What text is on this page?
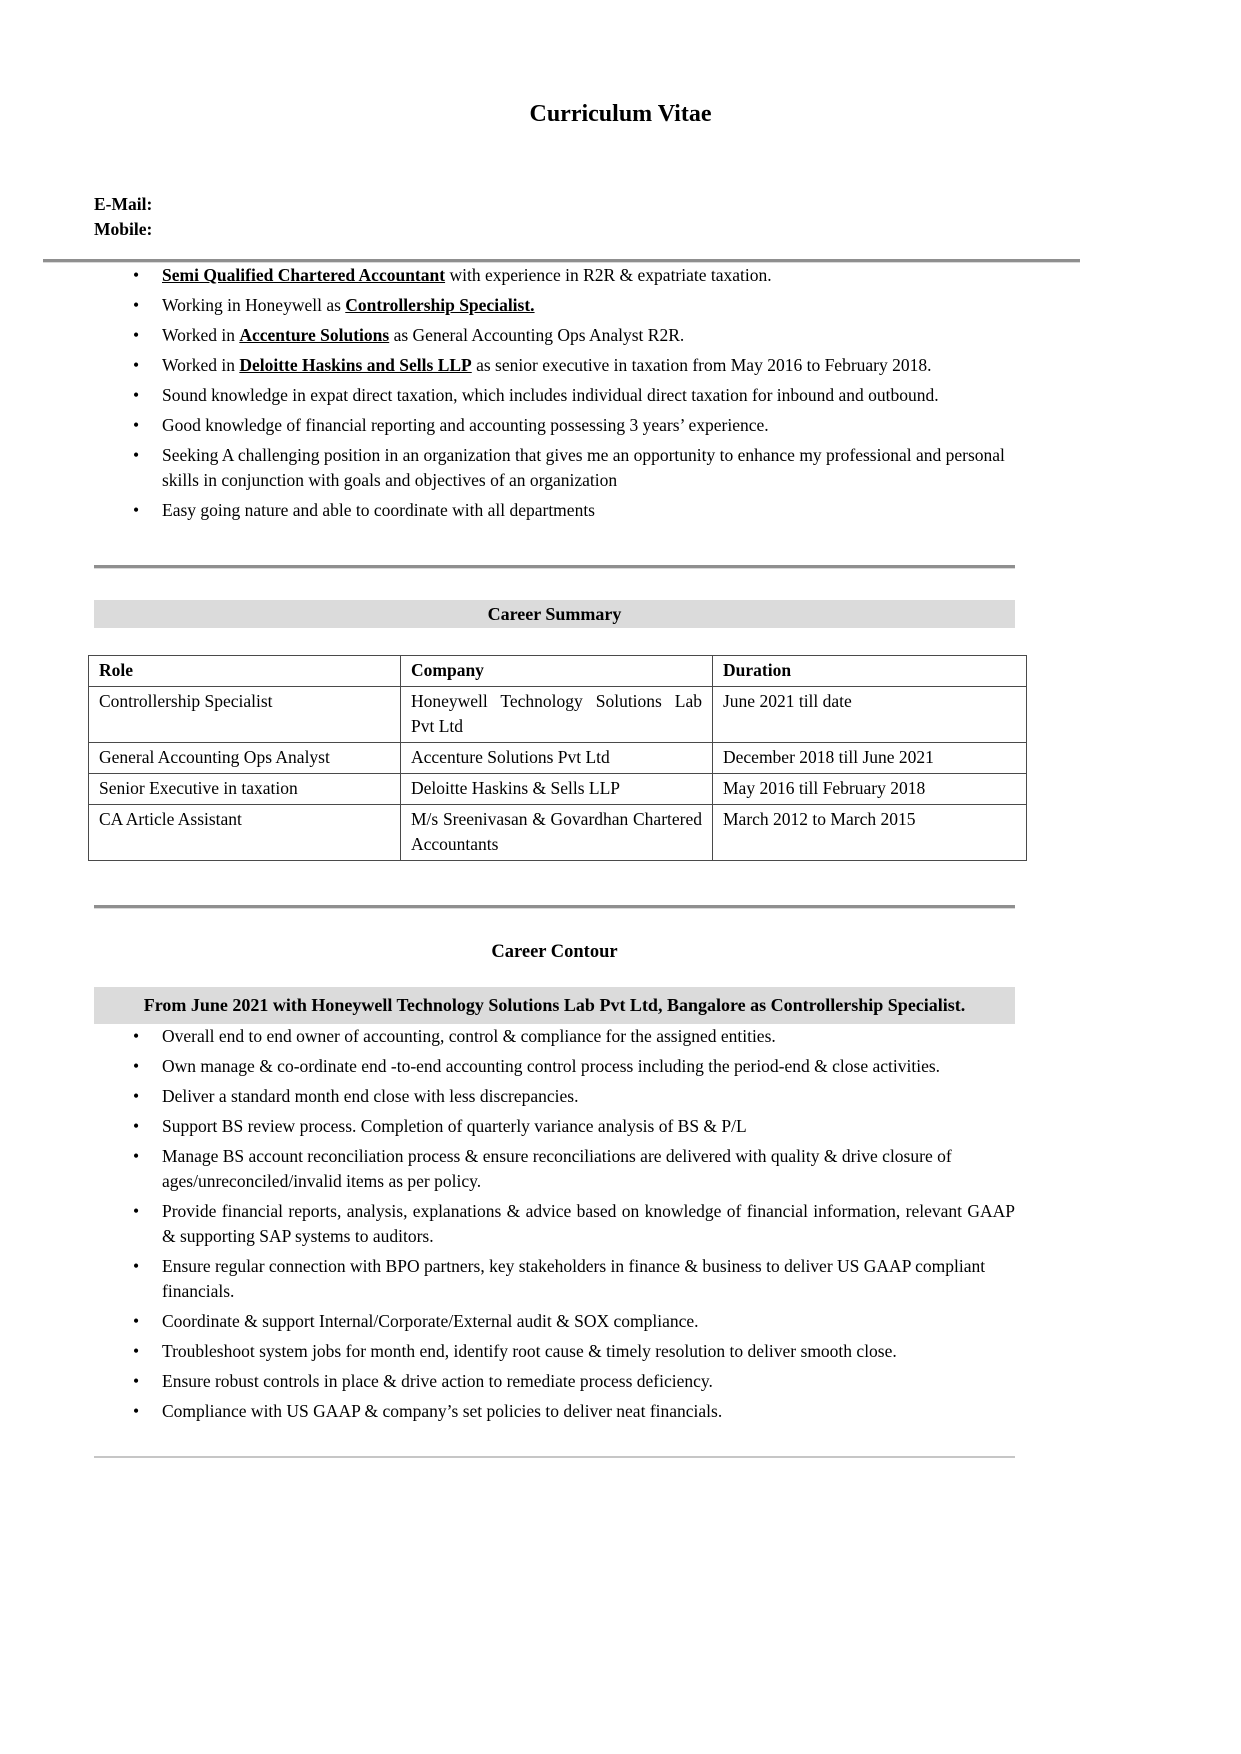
Curriculum Vitae
E-Mail:
Mobile:
• Semi Qualified Chartered Accountant with experience in R2R & expatriate taxation.
• Working in Honeywell as Controllership Specialist.
• Worked in Accenture Solutions as General Accounting Ops Analyst R2R.
• Worked in Deloitte Haskins and Sells LLP as senior executive in taxation from May 2016 to February 2018.
• Sound knowledge in expat direct taxation, which includes individual direct taxation for inbound and outbound.
• Good knowledge of financial reporting and accounting possessing 3 years’ experience.
• Seeking A challenging position in an organization that gives me an opportunity to enhance my professional and personal skills in conjunction with goals and objectives of an organization
• Easy going nature and able to coordinate with all departments
Career Summary
Role	Company	Duration
Controllership Specialist	Honeywell Technology Solutions Lab Pvt Ltd	June 2021 till date
General Accounting Ops Analyst	Accenture Solutions Pvt Ltd	December 2018 till June 2021
Senior Executive in taxation	Deloitte Haskins & Sells LLP	May 2016 till February 2018
CA Article Assistant	M/s Sreenivasan & Govardhan Chartered Accountants	March 2012 to March 2015
Career Contour
From June 2021 with Honeywell Technology Solutions Lab Pvt Ltd, Bangalore as Controllership Specialist.
• Overall end to end owner of accounting, control & compliance for the assigned entities.
• Own manage & co-ordinate end -to-end accounting control process including the period-end & close activities.
• Deliver a standard month end close with less discrepancies.
• Support BS review process. Completion of quarterly variance analysis of BS & P/L
• Manage BS account reconciliation process & ensure reconciliations are delivered with quality & drive closure of ages/unreconciled/invalid items as per policy.
• Provide financial reports, analysis, explanations & advice based on knowledge of financial information, relevant GAAP & supporting SAP systems to auditors.
• Ensure regular connection with BPO partners, key stakeholders in finance & business to deliver US GAAP compliant financials.
• Coordinate & support Internal/Corporate/External audit & SOX compliance.
• Troubleshoot system jobs for month end, identify root cause & timely resolution to deliver smooth close.
• Ensure robust controls in place & drive action to remediate process deficiency.
• Compliance with US GAAP & company’s set policies to deliver neat financials.
